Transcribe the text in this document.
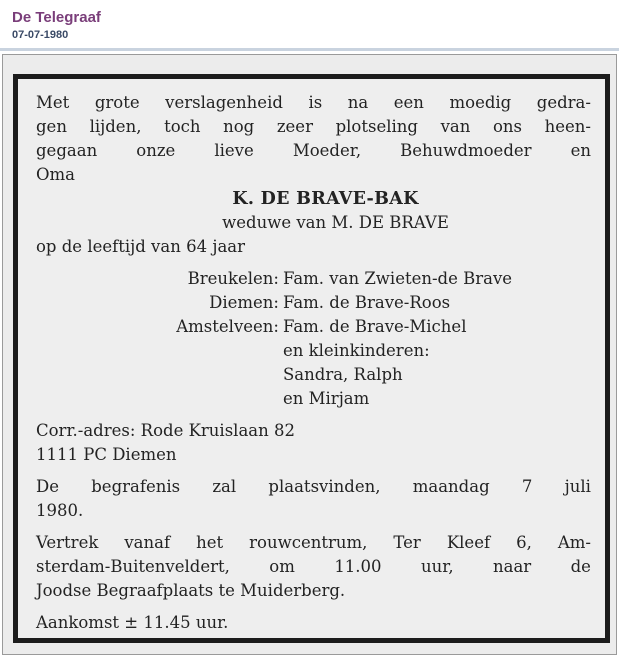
De Telegraaf
07-07-1980
Met grote verslagenheid is na een moedig gedra-
gen lijden, toch nog zeer plotseling van ons heen-
gegaan onze lieve Moeder, Behuwdmoeder en
Oma
K. DE BRAVE-BAK
weduwe van M. DE BRAVE
op de leeftijd van 64 jaar
Breukelen: Fam. van Zwieten-de Brave
Diemen: Fam. de Brave-Roos
Amstelveen: Fam. de Brave-Michel
en kleinkinderen:
Sandra, Ralph
en Mirjam
Corr.-adres: Rode Kruislaan 82
1111 PC Diemen
De begrafenis zal plaatsvinden, maandag 7 juli
1980.
Vertrek vanaf het rouwcentrum, Ter Kleef 6, Am-
sterdam-Buitenveldert, om 11.00 uur, naar de
Joodse Begraafplaats te Muiderberg.
Aankomst ± 11.45 uur.
